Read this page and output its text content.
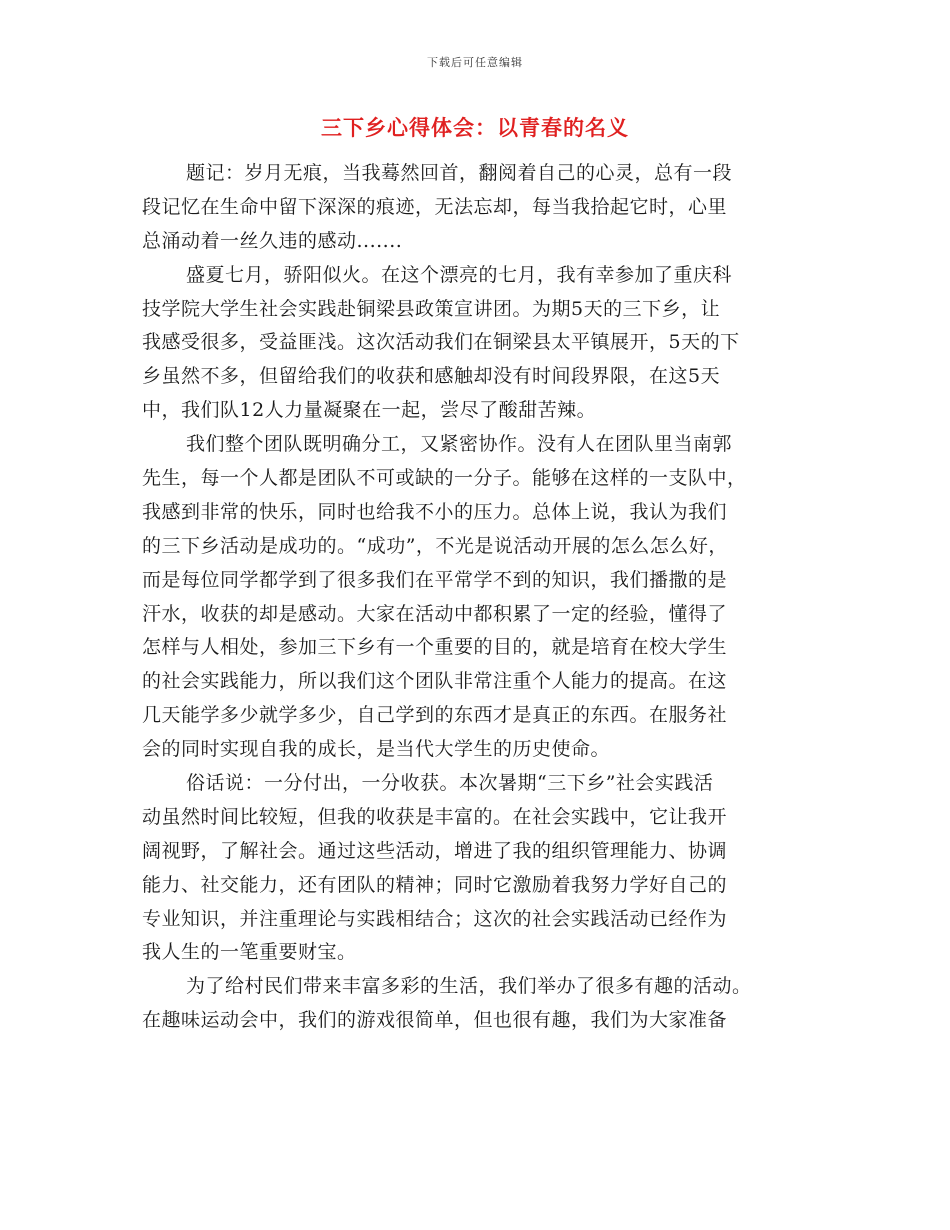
下载后可任意编辑
三下乡心得体会：以青春的名义
题记：岁月无痕，当我蓦然回首，翻阅着自己的心灵，总有一段
段记忆在生命中留下深深的痕迹，无法忘却，每当我拾起它时，心里
总涌动着一丝久违的感动.......
盛夏七月，骄阳似火。在这个漂亮的七月，我有幸参加了重庆科
技学院大学生社会实践赴铜梁县政策宣讲团。为期5天的三下乡，让
我感受很多，受益匪浅。这次活动我们在铜梁县太平镇展开，5天的下
乡虽然不多，但留给我们的收获和感触却没有时间段界限，在这5天
中，我们队12人力量凝聚在一起，尝尽了酸甜苦辣。
我们整个团队既明确分工，又紧密协作。没有人在团队里当南郭
先生，每一个人都是团队不可或缺的一分子。能够在这样的一支队中，
我感到非常的快乐，同时也给我不小的压力。总体上说，我认为我们
的三下乡活动是成功的。“成功”，不光是说活动开展的怎么怎么好，
而是每位同学都学到了很多我们在平常学不到的知识，我们播撒的是
汗水，收获的却是感动。大家在活动中都积累了一定的经验，懂得了
怎样与人相处，参加三下乡有一个重要的目的，就是培育在校大学生
的社会实践能力，所以我们这个团队非常注重个人能力的提高。在这
几天能学多少就学多少，自己学到的东西才是真正的东西。在服务社
会的同时实现自我的成长，是当代大学生的历史使命。
俗话说：一分付出，一分收获。本次暑期“三下乡”社会实践活
动虽然时间比较短，但我的收获是丰富的。在社会实践中，它让我开
阔视野，了解社会。通过这些活动，增进了我的组织管理能力、协调
能力、社交能力，还有团队的精神；同时它激励着我努力学好自己的
专业知识，并注重理论与实践相结合；这次的社会实践活动已经作为
我人生的一笔重要财宝。
为了给村民们带来丰富多彩的生活，我们举办了很多有趣的活动。
在趣味运动会中，我们的游戏很简单，但也很有趣，我们为大家准备
